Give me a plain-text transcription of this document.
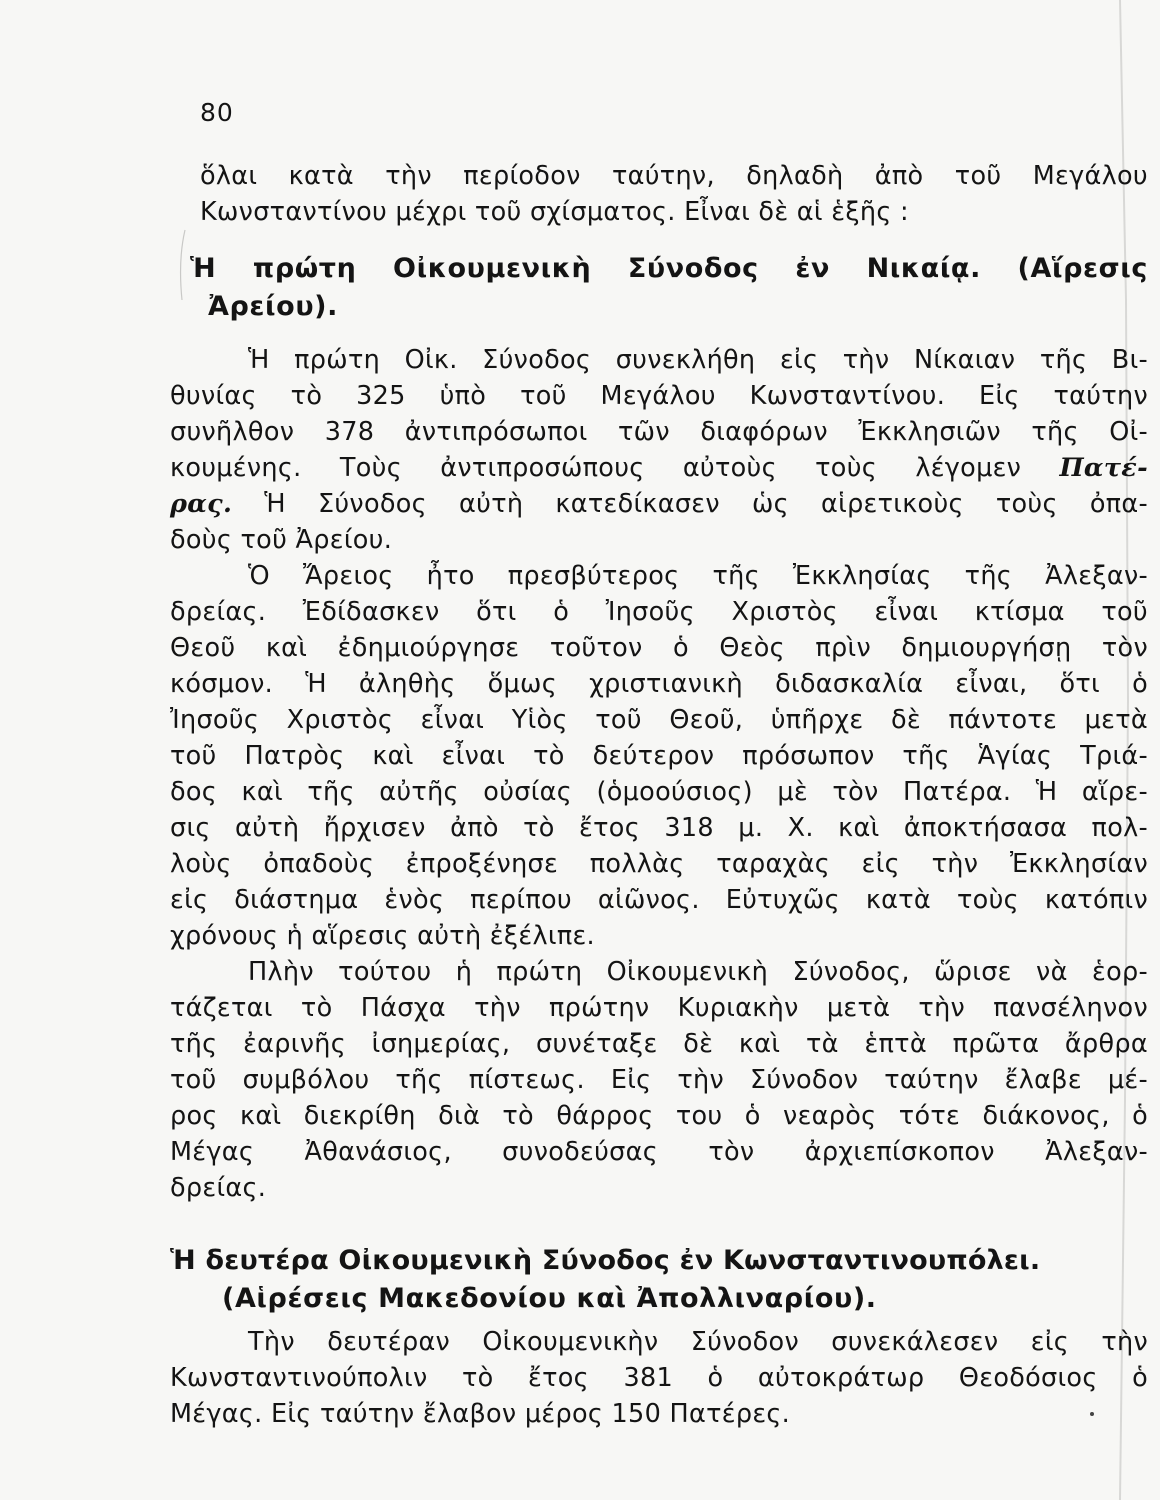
80

ὅλαι κατὰ τὴν περίοδον ταύτην, δηλαδὴ ἀπὸ τοῦ Μεγάλου
Κωνσταντίνου μέχρι τοῦ σχίσματος. Εἶναι δὲ αἱ ἑξῆς :

Ἡ πρώτη Οἰκουμενικὴ Σύνοδος ἐν Νικαίᾳ. (Αἵρεσις
Ἀρείου).

Ἡ πρώτη Οἰκ. Σύνοδος συνεκλήθη εἰς τὴν Νίκαιαν τῆς Βι-
θυνίας τὸ 325 ὑπὸ τοῦ Μεγάλου Κωνσταντίνου. Εἰς ταύτην
συνῆλθον 378 ἀντιπρόσωποι τῶν διαφόρων Ἐκκλησιῶν τῆς Οἰ-
κουμένης. Τοὺς ἀντιπροσώπους αὐτοὺς τοὺς λέγομεν Πατέ-
ρας. Ἡ Σύνοδος αὐτὴ κατεδίκασεν ὡς αἱρετικοὺς τοὺς ὀπα-
δοὺς τοῦ Ἀρείου.

Ὁ Ἄρειος ἦτο πρεσβύτερος τῆς Ἐκκλησίας τῆς Ἀλεξαν-
δρείας. Ἐδίδασκεν ὅτι ὁ Ἰησοῦς Χριστὸς εἶναι κτίσμα τοῦ
Θεοῦ καὶ ἐδημιούργησε τοῦτον ὁ Θεὸς πρὶν δημιουργήσῃ τὸν
κόσμον. Ἡ ἀληθὴς ὅμως χριστιανικὴ διδασκαλία εἶναι, ὅτι ὁ
Ἰησοῦς Χριστὸς εἶναι Υἱὸς τοῦ Θεοῦ, ὑπῆρχε δὲ πάντοτε μετὰ
τοῦ Πατρὸς καὶ εἶναι τὸ δεύτερον πρόσωπον τῆς Ἁγίας Τριά-
δος καὶ τῆς αὐτῆς οὐσίας (ὁμοούσιος) μὲ τὸν Πατέρα. Ἡ αἵρε-
σις αὐτὴ ἤρχισεν ἀπὸ τὸ ἔτος 318 μ. Χ. καὶ ἀποκτήσασα πολ-
λοὺς ὀπαδοὺς ἐπροξένησε πολλὰς ταραχὰς εἰς τὴν Ἐκκλησίαν
εἰς διάστημα ἑνὸς περίπου αἰῶνος. Εὐτυχῶς κατὰ τοὺς κατόπιν
χρόνους ἡ αἵρεσις αὐτὴ ἐξέλιπε.

Πλὴν τούτου ἡ πρώτη Οἰκουμενικὴ Σύνοδος, ὥρισε νὰ ἑορ-
τάζεται τὸ Πάσχα τὴν πρώτην Κυριακὴν μετὰ τὴν πανσέληνον
τῆς ἐαρινῆς ἰσημερίας, συνέταξε δὲ καὶ τὰ ἑπτὰ πρῶτα ἄρθρα
τοῦ συμβόλου τῆς πίστεως. Εἰς τὴν Σύνοδον ταύτην ἔλαβε μέ-
ρος καὶ διεκρίθη διὰ τὸ θάρρος του ὁ νεαρὸς τότε διάκονος, ὁ
Μέγας Ἀθανάσιος, συνοδεύσας τὸν ἀρχιεπίσκοπον Ἀλεξαν-
δρείας.

Ἡ δευτέρα Οἰκουμενικὴ Σύνοδος ἐν Κωνσταντινουπόλει.
(Αἱρέσεις Μακεδονίου καὶ Ἀπολλιναρίου).

Τὴν δευτέραν Οἰκουμενικὴν Σύνοδον συνεκάλεσεν εἰς τὴν
Κωνσταντινούπολιν τὸ ἔτος 381 ὁ αὐτοκράτωρ Θεοδόσιος ὁ
Μέγας. Εἰς ταύτην ἔλαβον μέρος 150 Πατέρες.
